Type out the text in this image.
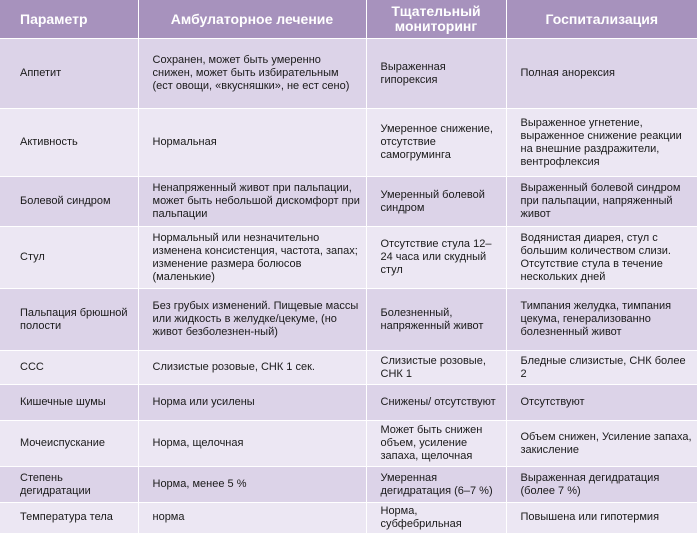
Параметр	Амбулаторное лечение	Тщательный мониторинг	Госпитализация
Аппетит	Сохранен, может быть умеренно снижен, может быть избирательным (ест овощи, «вкусняшки», не ест сено)	Выраженная гипорексия	Полная анорексия
Активность	Нормальная	Умеренное снижение, отсутствие самогруминга	Выраженное угнетение, выраженное снижение реакции на внешние раздражители, вентрофлексия
Болевой синдром	Ненапряженный живот при пальпации, может быть небольшой дискомфорт при пальпации	Умеренный болевой синдром	Выраженный болевой синдром при пальпации, напряженный живот
Стул	Нормальный или незначительно изменена консистенция, частота, запах; изменение размера болюсов (маленькие)	Отсутствие стула 12–24 часа или скудный стул	Водянистая диарея, стул с большим количеством слизи. Отсутствие стула в течение нескольких дней
Пальпация брюшной полости	Без грубых изменений. Пищевые массы или жидкость в желудке/цекуме, (но живот безболезнен-ный)	Болезненный, напряженный живот	Тимпания желудка, тимпания цекума, генерализованно болезненный живот
ССС	Слизистые розовые, СНК 1 сек.	Слизистые розовые, СНК 1	Бледные слизистые, СНК более 2
Кишечные шумы	Норма или усилены	Снижены/ отсутствуют	Отсутствуют
Мочеиспускание	Норма, щелочная	Может быть снижен объем, усиление запаха, щелочная	Объем снижен, Усиление запаха, закисление
Степень дегидратации	Норма, менее 5 %	Умеренная дегидратация (6–7 %)	Выраженная дегидратация (более 7 %)
Температура тела	норма	Норма, субфебрильная	Повышена или гипотермия
